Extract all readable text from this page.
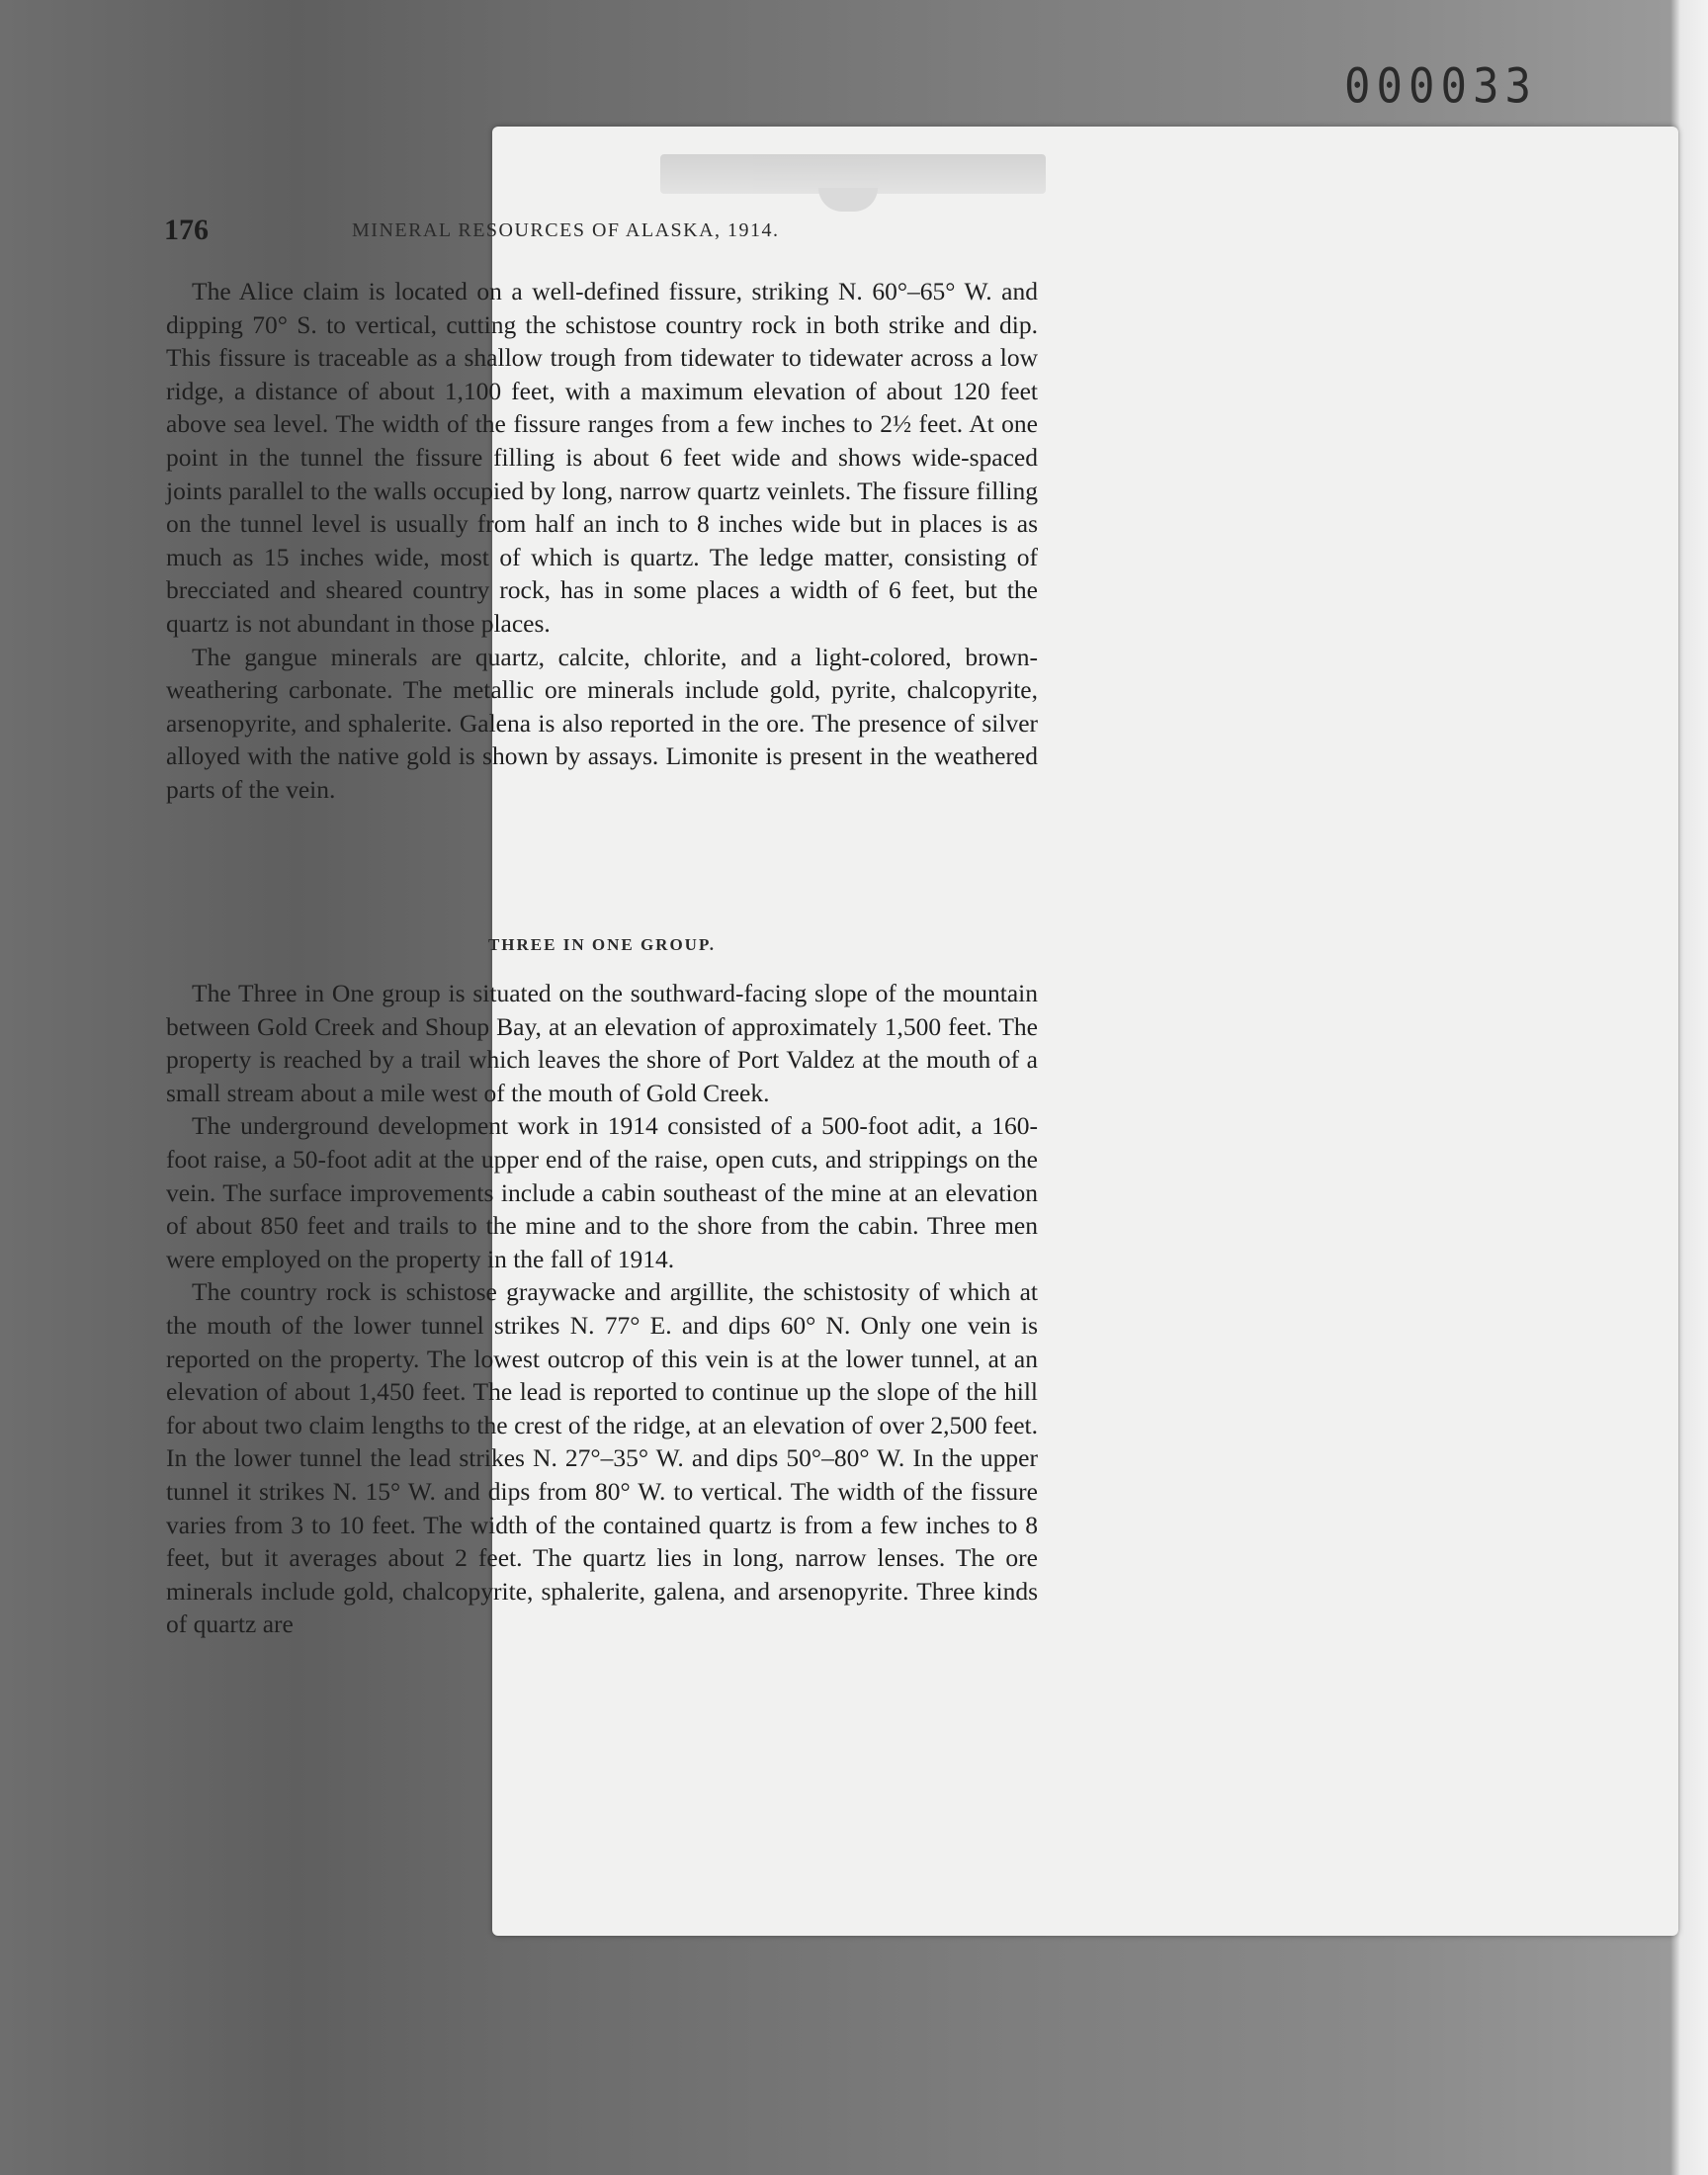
000033
176	MINERAL RESOURCES OF ALASKA, 1914.

The Alice claim is located on a well-defined fissure, striking N. 60°–65° W. and dipping 70° S. to vertical, cutting the schistose country rock in both strike and dip. This fissure is traceable as a shallow trough from tidewater to tidewater across a low ridge, a distance of about 1,100 feet, with a maximum elevation of about 120 feet above sea level. The width of the fissure ranges from a few inches to 2½ feet. At one point in the tunnel the fissure filling is about 6 feet wide and shows wide-spaced joints parallel to the walls occupied by long, narrow quartz veinlets. The fissure filling on the tunnel level is usually from half an inch to 8 inches wide but in places is as much as 15 inches wide, most of which is quartz. The ledge matter, consisting of brecciated and sheared country rock, has in some places a width of 6 feet, but the quartz is not abundant in those places.

The gangue minerals are quartz, calcite, chlorite, and a light-colored, brown-weathering carbonate. The metallic ore minerals include gold, pyrite, chalcopyrite, arsenopyrite, and sphalerite. Galena is also reported in the ore. The presence of silver alloyed with the native gold is shown by assays. Limonite is present in the weathered parts of the vein.

THREE IN ONE GROUP.

The Three in One group is situated on the southward-facing slope of the mountain between Gold Creek and Shoup Bay, at an elevation of approximately 1,500 feet. The property is reached by a trail which leaves the shore of Port Valdez at the mouth of a small stream about a mile west of the mouth of Gold Creek.

The underground development work in 1914 consisted of a 500-foot adit, a 160-foot raise, a 50-foot adit at the upper end of the raise, open cuts, and strippings on the vein. The surface improvements include a cabin southeast of the mine at an elevation of about 850 feet and trails to the mine and to the shore from the cabin. Three men were employed on the property in the fall of 1914.

The country rock is schistose graywacke and argillite, the schistosity of which at the mouth of the lower tunnel strikes N. 77° E. and dips 60° N. Only one vein is reported on the property. The lowest outcrop of this vein is at the lower tunnel, at an elevation of about 1,450 feet. The lead is reported to continue up the slope of the hill for about two claim lengths to the crest of the ridge, at an elevation of over 2,500 feet. In the lower tunnel the lead strikes N. 27°–35° W. and dips 50°–80° W. In the upper tunnel it strikes N. 15° W. and dips from 80° W. to vertical. The width of the fissure varies from 3 to 10 feet. The width of the contained quartz is from a few inches to 8 feet, but it averages about 2 feet. The quartz lies in long, narrow lenses. The ore minerals include gold, chalcopyrite, sphalerite, galena, and arsenopyrite. Three kinds of quartz are
